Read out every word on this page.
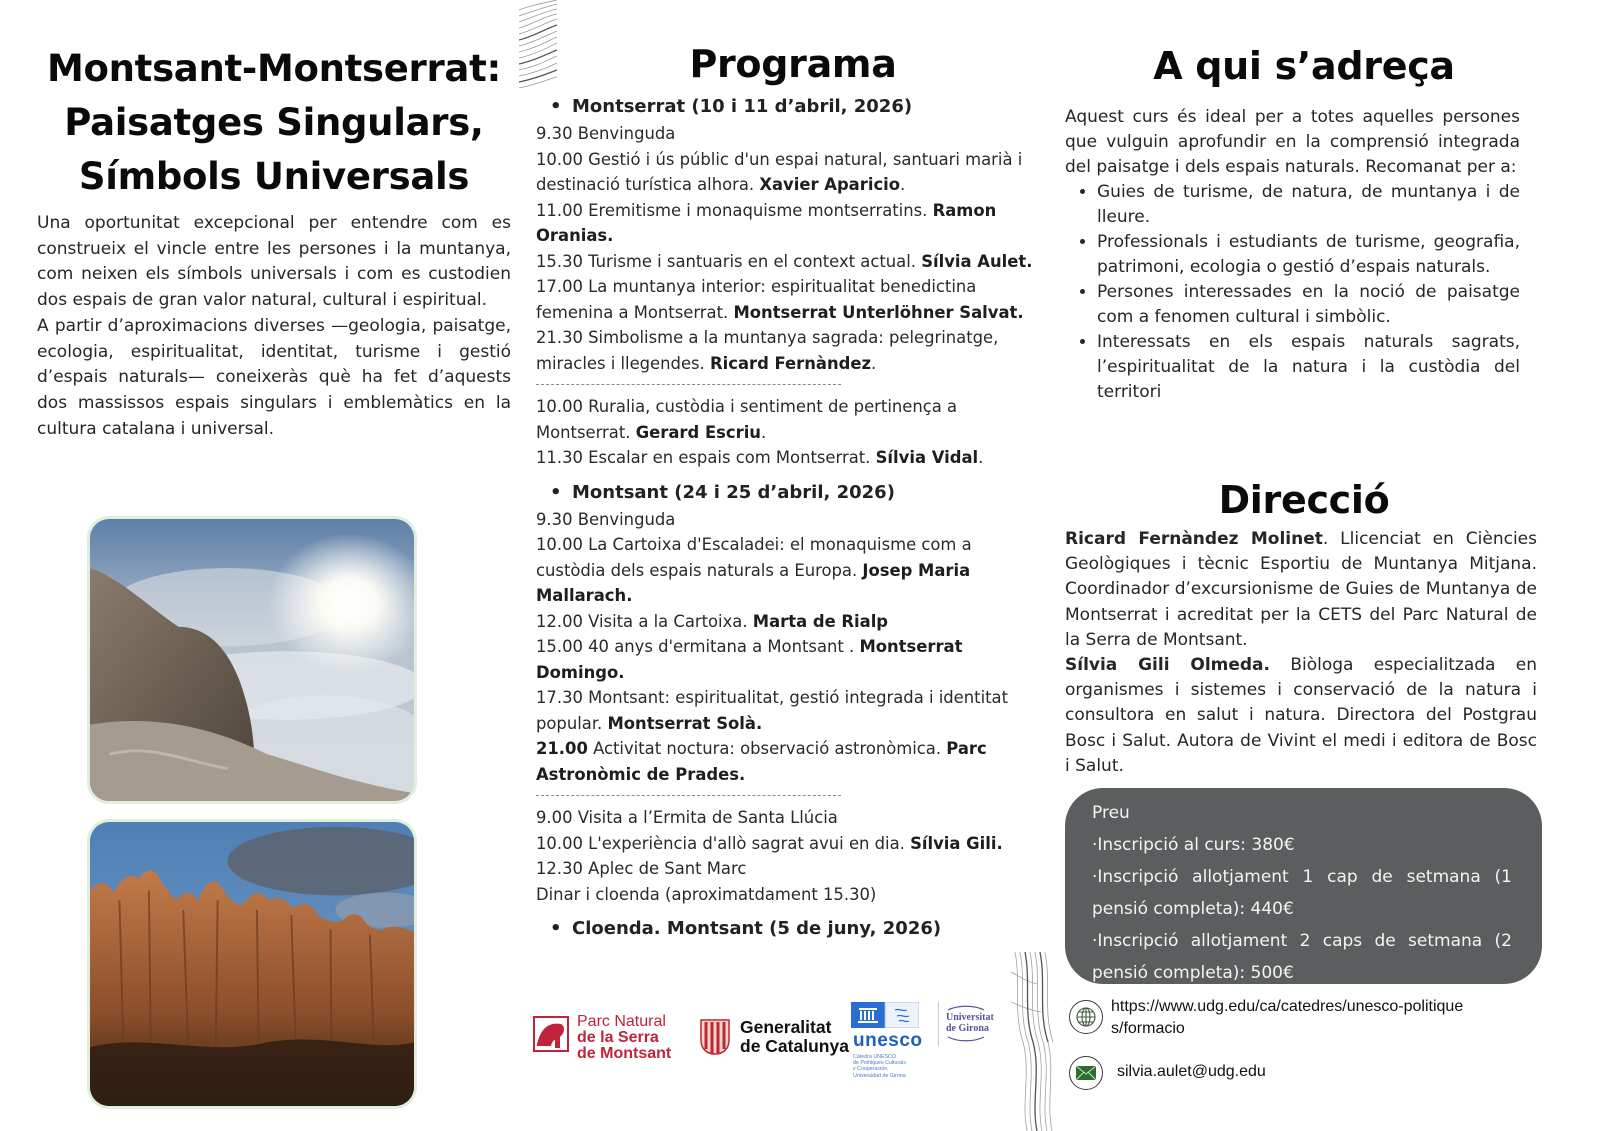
Montsant-Montserrat:
Paisatges Singulars,
Símbols Universals

Una oportunitat excepcional per entendre com es construeix el vincle entre les persones i la muntanya, com neixen els símbols universals i com es custodien dos espais de gran valor natural, cultural i espiritual.

A partir d’aproximacions diverses —geologia, paisatge, ecologia, espiritualitat, identitat, turisme i gestió d’espais naturals— coneixeràs què ha fet d’aquests dos massissos espais singulars i emblemàtics en la cultura catalana i universal.

Programa

• Montserrat (10 i 11 d’abril, 2026)

9.30 Benvinguda

10.00 Gestió i ús públic d'un espai natural, santuari marià i destinació turística alhora. Xavier Aparicio.

11.00 Eremitisme i monaquisme montserratins. Ramon Oranias.

15.30 Turisme i santuaris en el context actual. Sílvia Aulet.

17.00 La muntanya interior: espiritualitat benedictina femenina a Montserrat. Montserrat Unterlöhner Salvat.

21.30 Simbolisme a la muntanya sagrada: pelegrinatge, miracles i llegendes. Ricard Fernàndez.

10.00 Ruralia, custòdia i sentiment de pertinença a Montserrat. Gerard Escriu.

11.30 Escalar en espais com Montserrat. Sílvia Vidal.

• Montsant (24 i 25 d’abril, 2026)

9.30 Benvinguda

10.00 La Cartoixa d'Escaladei: el monaquisme com a custòdia dels espais naturals a Europa. Josep Maria Mallarach.

12.00 Visita a la Cartoixa. Marta de Rialp

15.00 40 anys d'ermitana a Montsant . Montserrat Domingo.

17.30 Montsant: espiritualitat, gestió integrada i identitat popular. Montserrat Solà.

21.00 Activitat noctura: observació astronòmica. Parc Astronòmic de Prades.

9.00 Visita a l’Ermita de Santa Llúcia

10.00 L'experiència d'allò sagrat avui en dia. Sílvia Gili.

12.30 Aplec de Sant Marc

Dinar i cloenda (aproximatdament 15.30)

• Cloenda. Montsant (5 de juny, 2026)

Parc Natural
de la Serra
de Montsant
Generalitat
de Catalunya unesco
Càtedra UNESCO
de Polítiques Culturals
y Cooperación,
Universidad de Girona
Universitat
de Girona
A qui s’adreça

Aquest curs és ideal per a totes aquelles persones que vulguin aprofundir en la comprensió integrada del paisatge i dels espais naturals. Recomanat per a:

• Guies de turisme, de natura, de muntanya i de lleure.
• Professionals i estudiants de turisme, geografia, patrimoni, ecologia o gestió d’espais naturals.
• Persones interessades en la noció de paisatge com a fenomen cultural i simbòlic.
• Interessats en els espais naturals sagrats, l’espiritualitat de la natura i la custòdia del territori
Direcció

Ricard Fernàndez Molinet. Llicenciat en Ciències Geològiques i tècnic Esportiu de Muntanya Mitjana. Coordinador d’excursionisme de Guies de Muntanya de Montserrat i acreditat per la CETS del Parc Natural de la Serra de Montsant.

Sílvia Gili Olmeda. Biòloga especialitzada en organismes i sistemes i conservació de la natura i consultora en salut i natura. Directora del Postgrau Bosc i Salut. Autora de Vivint el medi i editora de Bosc i Salut.

Preu

·Inscripció al curs: 380€

·Inscripció allotjament 1 cap de setmana (1 pensió completa): 440€

·Inscripció allotjament 2 caps de setmana (2 pensió completa): 500€

https://www.udg.edu/ca/catedres/unesco-politiques/formacio
silvia.aulet@udg.edu
